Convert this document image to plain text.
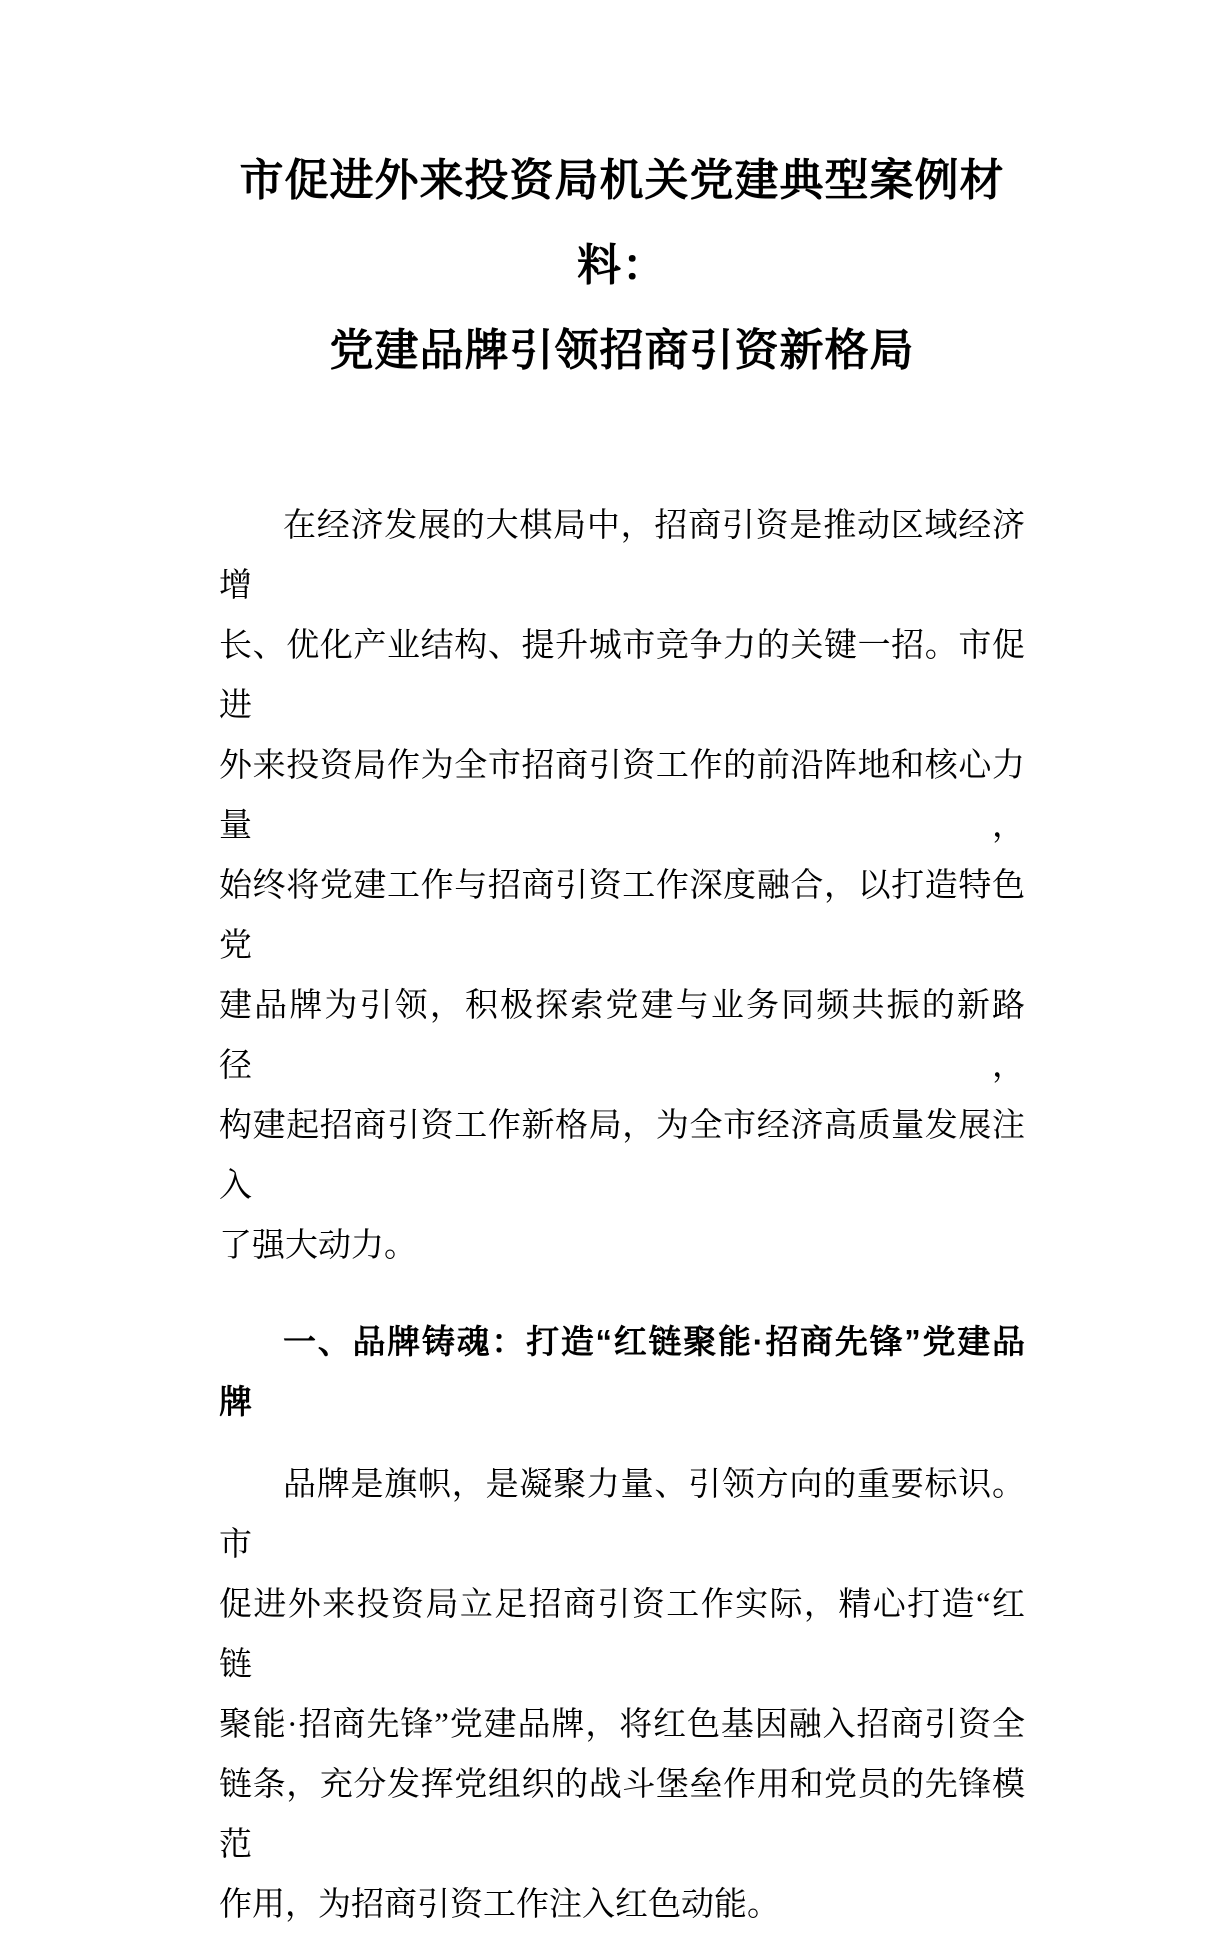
市促进外来投资局机关党建典型案例材料：
党建品牌引领招商引资新格局

在经济发展的大棋局中，招商引资是推动区域经济增
长、优化产业结构、提升城市竞争力的关键一招。市促进
外来投资局作为全市招商引资工作的前沿阵地和核心力量，
始终将党建工作与招商引资工作深度融合，以打造特色党
建品牌为引领，积极探索党建与业务同频共振的新路径，
构建起招商引资工作新格局，为全市经济高质量发展注入
了强大动力。

一、品牌铸魂：打造“红链聚能·招商先锋”党建品
牌

品牌是旗帜，是凝聚力量、引领方向的重要标识。市
促进外来投资局立足招商引资工作实际，精心打造“红链
聚能·招商先锋”党建品牌，将红色基因融入招商引资全
链条，充分发挥党组织的战斗堡垒作用和党员的先锋模范
作用，为招商引资工作注入红色动能。
